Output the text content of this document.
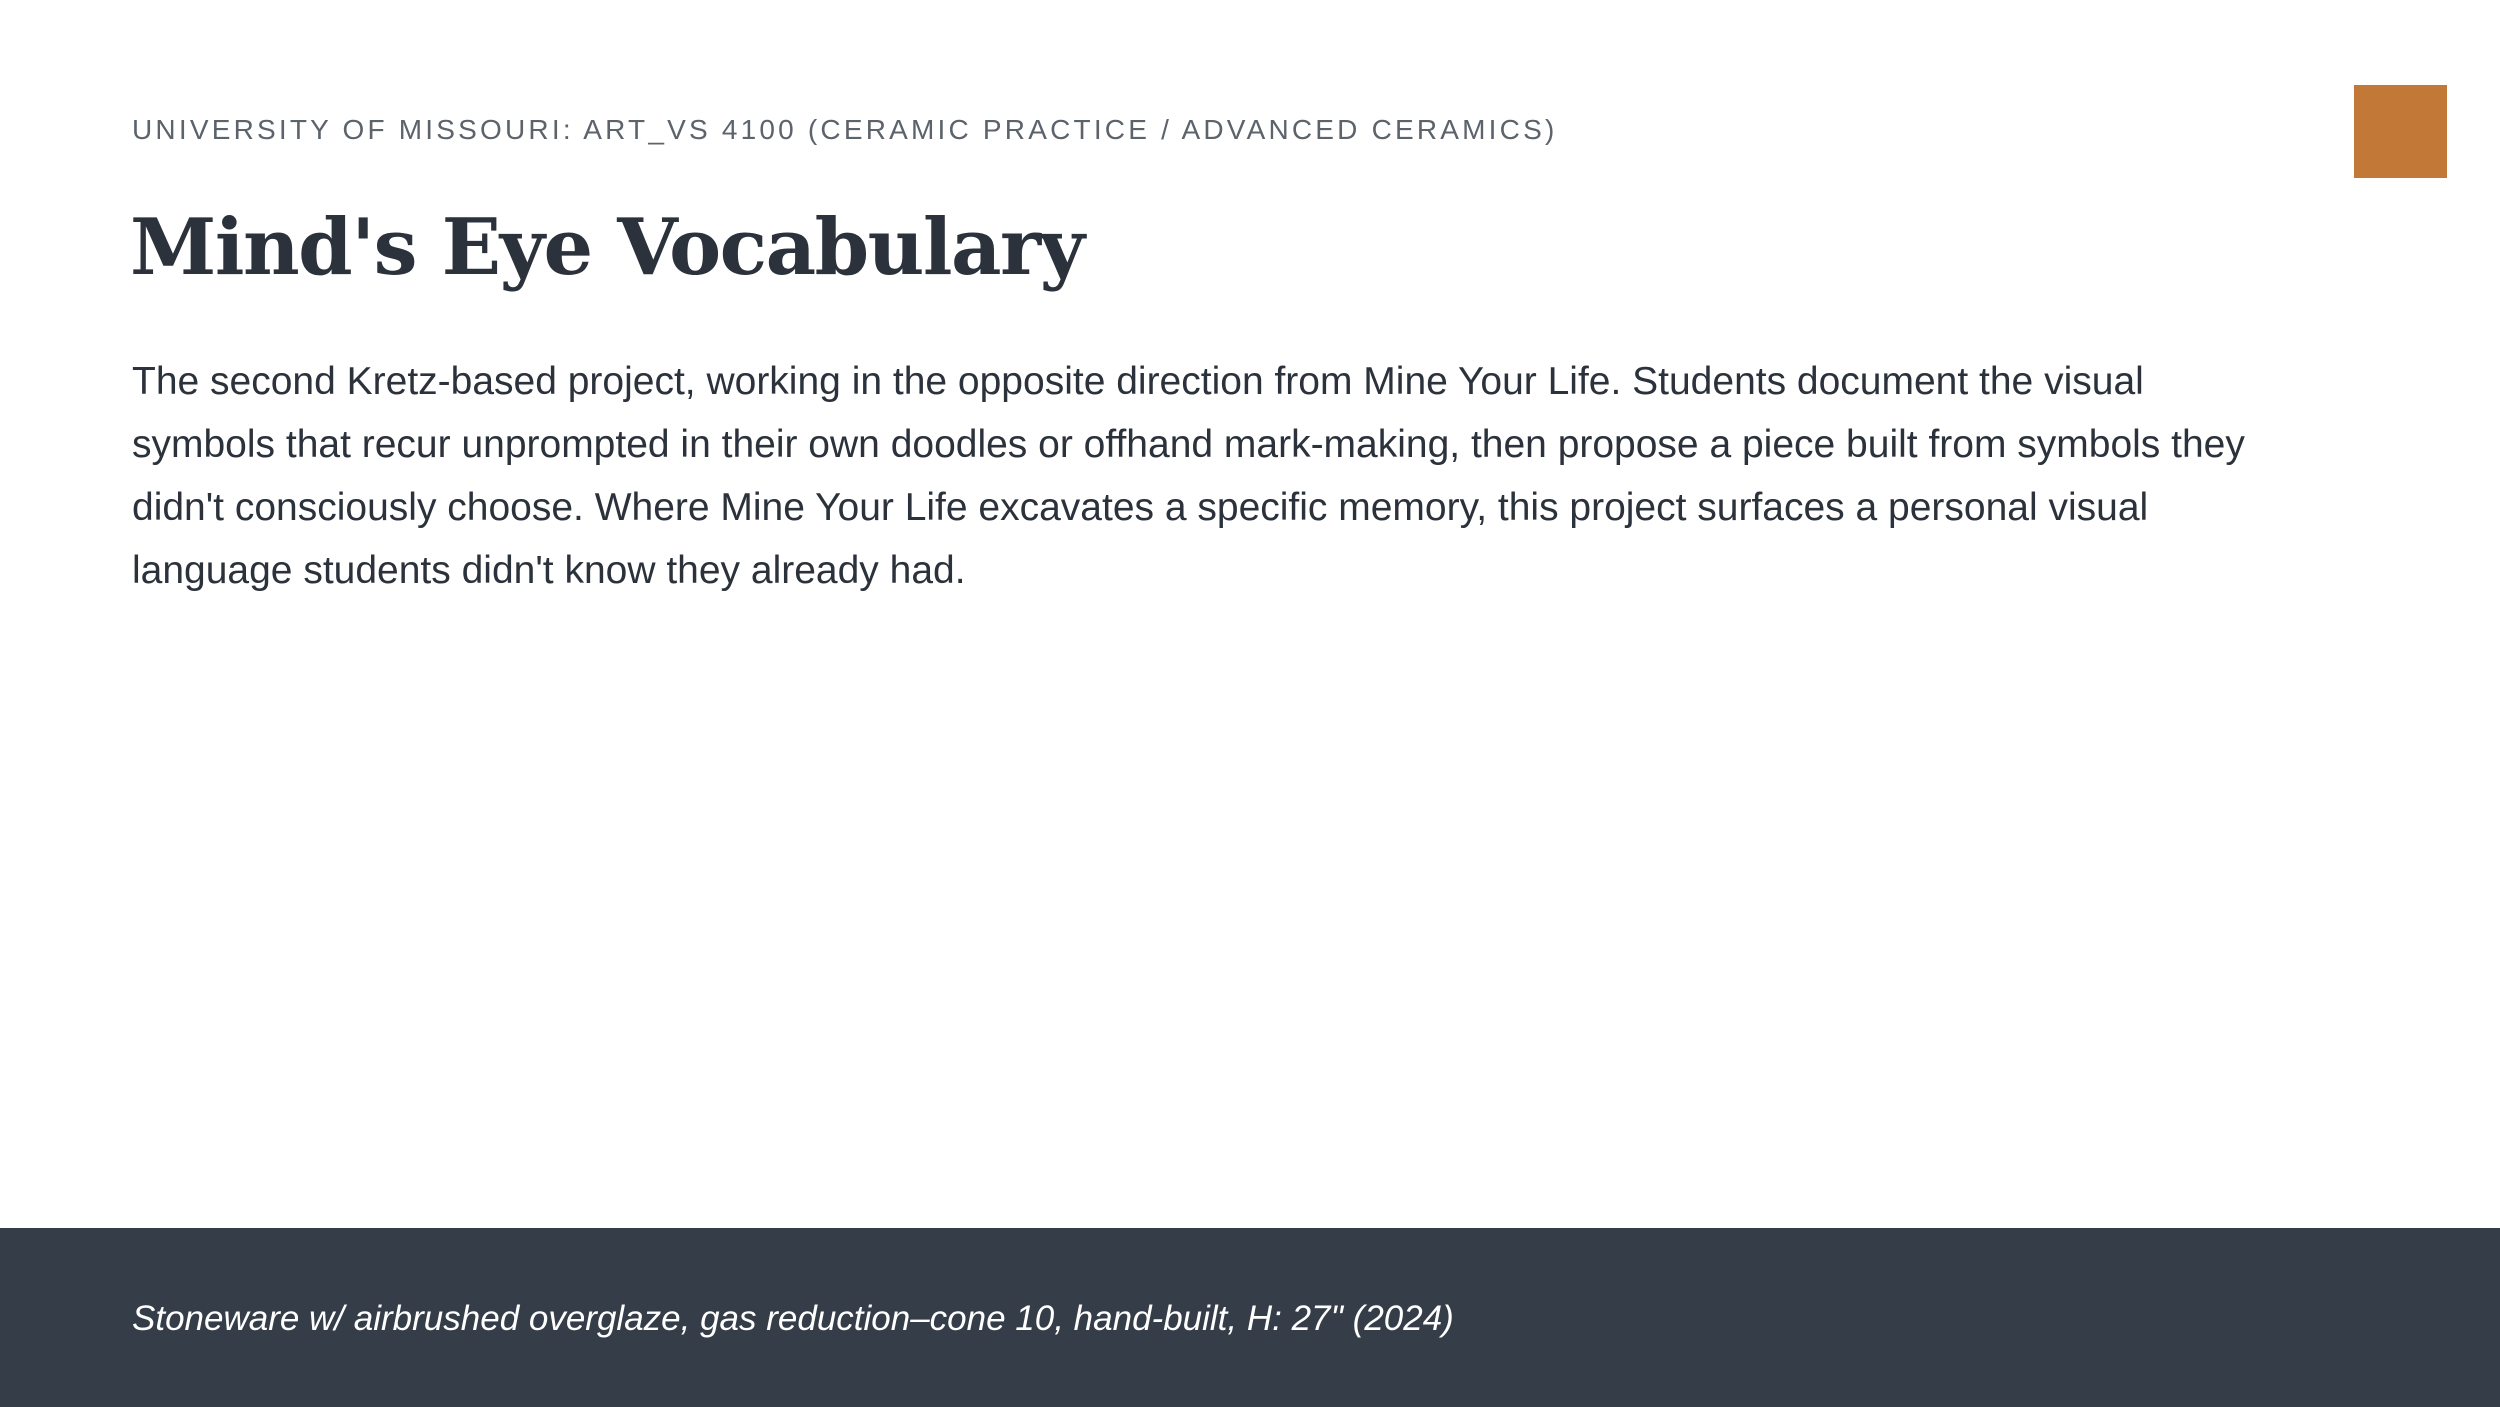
UNIVERSITY OF MISSOURI: ART_VS 4100 (CERAMIC PRACTICE / ADVANCED CERAMICS)
Mind's Eye Vocabulary

The second Kretz-based project, working in the opposite direction from Mine Your Life. Students document the visual symbols that recur unprompted in their own doodles or offhand mark-making, then propose a piece built from symbols they didn't consciously choose. Where Mine Your Life excavates a specific memory, this project surfaces a personal visual language students didn't know they already had.

Stoneware w/ airbrushed overglaze, gas reduction–cone 10, hand-built, H: 27" (2024)
